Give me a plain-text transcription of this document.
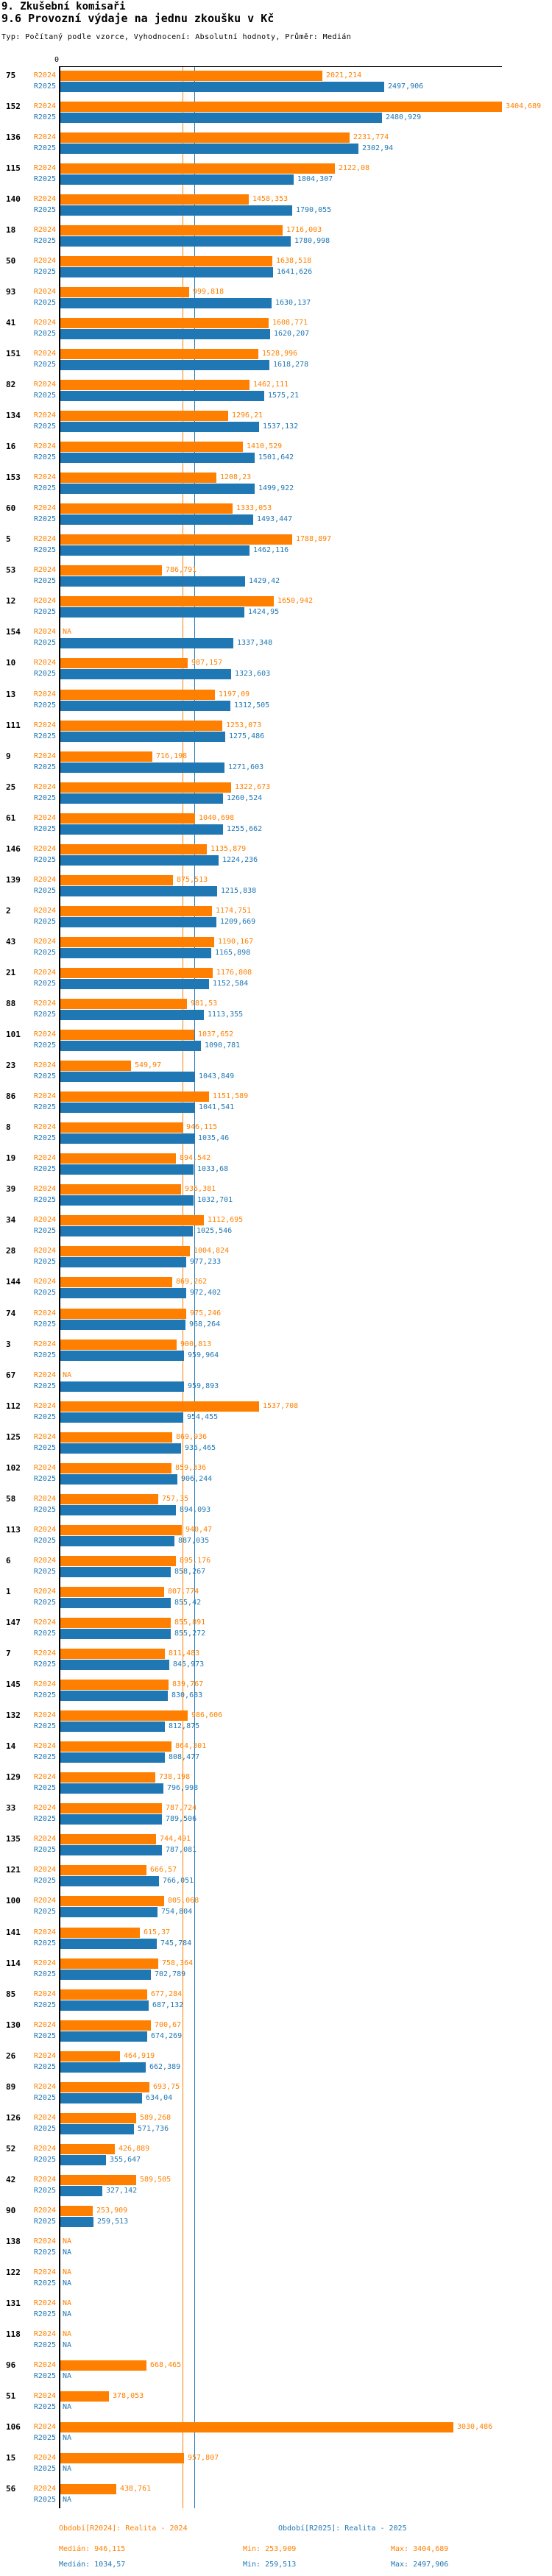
9. Zkušební komisaři
9.6 Provozní výdaje na jednu zkoušku v Kč
Typ: Počítaný podle vzorce, Vyhodnocení: Absolutní hodnoty, Průměr: Medián
0
75	R2024	2021,214
R2025	2497,906
152	R2024	3404,689
R2025	2480,929
136	R2024	2231,774
R2025	2302,94
115	R2024	2122,08
R2025	1804,307
140	R2024	1458,353
R2025	1790,055
18	R2024	1716,003
R2025	1780,998
50	R2024	1638,518
R2025	1641,626
93	R2024	999,818
R2025	1630,137
41	R2024	1608,771
R2025	1620,207
151	R2024	1528,996
R2025	1618,278
82	R2024	1462,111
R2025	1575,21
134	R2024	1296,21
R2025	1537,132
16	R2024	1410,529
R2025	1501,642
153	R2024	1208,23
R2025	1499,922
60	R2024	1333,053
R2025	1493,447
5	R2024	1788,897
R2025	1462,116
53	R2024	786,791
R2025	1429,42
12	R2024	1650,942
R2025	1424,95
154	R2024 NA
R2025	1337,348
10	R2024	987,157
R2025	1323,603
13	R2024	1197,09
R2025	1312,505
111	R2024	1253,073
R2025	1275,486
9	R2024	716,198
R2025	1271,603
25	R2024	1322,673
R2025	1260,524
61	R2024	1040,698
R2025	1255,662
146	R2024	1135,879
R2025	1224,236
139	R2024	875,513
R2025	1215,838
2	R2024	1174,751
R2025	1209,669
43	R2024	1190,167
R2025	1165,898
21	R2024	1176,808
R2025	1152,584
88	R2024	981,53
R2025	1113,355
101	R2024	1037,652
R2025	1090,781
23	R2024	549,97
R2025	1043,849
86	R2024	1151,589
R2025	1041,541
8	R2024	946,115
R2025	1035,46
19	R2024	894,542
R2025	1033,68
39	R2024	935,381
R2025	1032,701
34	R2024	1112,695
R2025	1025,546
28	R2024	1004,824
R2025	977,233
144	R2024	869,262
R2025	972,402
74	R2024	975,246
R2025	968,264
3	R2024	900,813
R2025	959,964
67	R2024 NA
R2025	959,893
112	R2024	1537,708
R2025	954,455
125	R2024	869,936
R2025	935,465
102	R2024	859,336
R2025	906,244
58	R2024	757,35
R2025	894,093
113	R2024	940,47
R2025	887,035
6	R2024	895,176
R2025	858,267
1	R2024	807,774
R2025	855,42
147	R2024	855,891
R2025	855,272
7	R2024	811,483
R2025	845,973
145	R2024	839,767
R2025	830,683
132	R2024	986,606
R2025	812,875
14	R2024	864,301
R2025	808,477
129	R2024	738,198
R2025	796,998
33	R2024	787,724
R2025	789,506
135	R2024	744,491
R2025	787,081
121	R2024	666,57
R2025	766,051
100	R2024	805,068
R2025	754,804
141	R2024	615,37
R2025	745,784
114	R2024	758,364
R2025	702,789
85	R2024	677,284
R2025	687,132
130	R2024	700,67
R2025	674,269
26	R2024	464,919
R2025	662,389
89	R2024	693,75
R2025	634,04
126	R2024	589,268
R2025	571,736
52	R2024	426,889
R2025	355,647
42	R2024	589,505
R2025	327,142
90	R2024	253,909
R2025	259,513
138	R2024 NA
R2025 NA
122	R2024 NA
R2025 NA
131	R2024 NA
R2025 NA
118	R2024 NA
R2025 NA
96	R2024	668,465
R2025 NA
51	R2024	378,053
R2025 NA
106	R2024	3030,486
R2025 NA
15	R2024	957,807
R2025 NA
56	R2024	438,761
R2025 NA
Období[R2024]: Realita - 2024	Období[R2025]: Realita - 2025
Medián: 946,115	Min: 253,909	Max: 3404,689
Medián: 1034,57	Min: 259,513	Max: 2497,906
